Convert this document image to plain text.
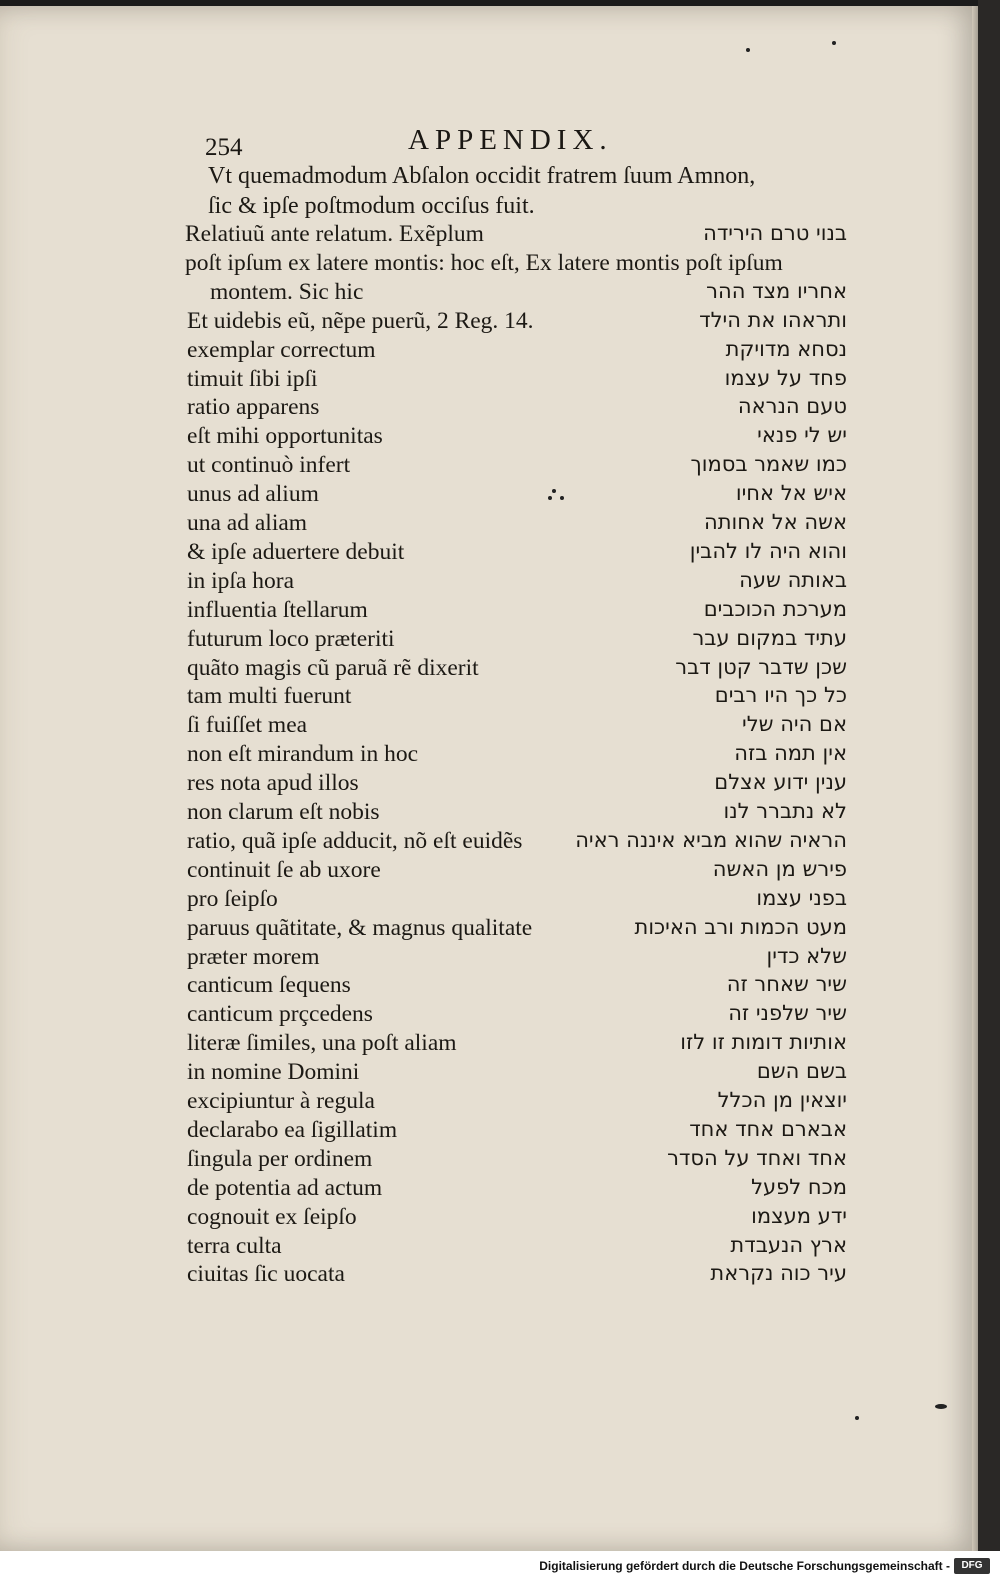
254	APPENDIX.
Vt quemadmodum Abſalon occidit fratrem ſuum Amnon,
ſic & ipſe poſtmodum occiſus fuit.
Relatiuũ ante relatum. Exẽplum	בנוי טרם הירידה
poſt ipſum ex latere montis: hoc eſt, Ex latere montis poſt ipſum
montem. Sic hic	אחריו מצד ההר
Et uidebis eũ, nẽpe puerũ, 2 Reg. 14.	ותראהו את הילד
exemplar correctum	נסחא מדויקת
timuit ſibi ipſi	פחד על עצמו
ratio apparens	טעם הנראה
eſt mihi opportunitas	יש לי פנאי
ut continuò infert	כמו שאמר בסמוך
unus ad alium	איש אל אחיו
una ad aliam	אשה אל אחותה
& ipſe aduertere debuit	והוא היה לו להבין
in ipſa hora	באותה שעה
influentia ſtellarum	מערכת הכוכבים
futurum loco præteriti	עתיד במקום עבר
quãto magis cũ paruã rẽ dixerit	שכן שדבר קטן דבר
tam multi fuerunt	כל כך היו רבים
ſi fuiſſet mea	אם היה שלי
non eſt mirandum in hoc	אין תמה בזה
res nota apud illos	ענין ידוע אצלם
non clarum eſt nobis	לא נתברר לנו
ratio, quã ipſe adducit, nõ eſt euidẽs	הראיה שהוא מביא איננה ראיה
continuit ſe ab uxore	פירש מן האשה
pro ſeipſo	בפני עצמו
paruus quãtitate, & magnus qualitate	מעט הכמות ורב האיכות
præter morem	שלא כדין
canticum ſequens	שיר שאחר זה
canticum prçcedens	שיר שלפני זה
literæ ſimiles, una poſt aliam	אותיות דומות זו לזו
in nomine Domini	בשם השם
excipiuntur à regula	יוצאין מן הכלל
declarabo ea ſigillatim	אבארם אחד אחד
ſingula per ordinem	אחד ואחד על הסדר
de potentia ad actum	מכח לפעל
cognouit ex ſeipſo	ידע מעצמו
terra culta	ארץ הנעבדת
ciuitas ſic uocata	עיר כוה נקראת
Digitalisierung gefördert durch die Deutsche Forschungsgemeinschaft -	DFG
